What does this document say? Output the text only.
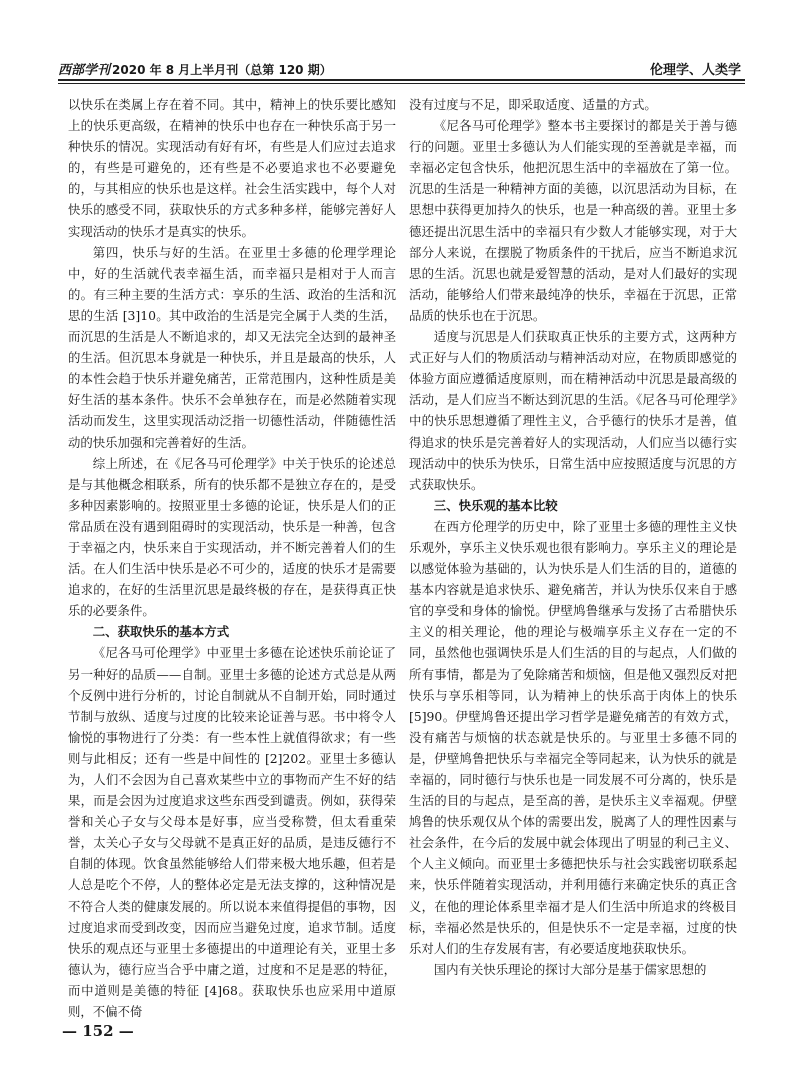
西部学刊 2020 年 8 月上半月刊（总第 120 期）	伦理学、人类学

以快乐在类属上存在着不同。其中，精神上的快乐要比感知上的快乐更高级，在精神的快乐中也存在一种快乐高于另一种快乐的情况。实现活动有好有坏，有些是人们应过去追求的，有些是可避免的，还有些是不必要追求也不必要避免的，与其相应的快乐也是这样。社会生活实践中，每个人对快乐的感受不同，获取快乐的方式多种多样，能够完善好人实现活动的快乐才是真实的快乐。

第四，快乐与好的生活。在亚里士多德的伦理学理论中，好的生活就代表幸福生活，而幸福只是相对于人而言的。有三种主要的生活方式：享乐的生活、政治的生活和沉思的生活 [3]10。其中政治的生活是完全属于人类的生活，而沉思的生活是人不断追求的，却又无法完全达到的最神圣的生活。但沉思本身就是一种快乐，并且是最高的快乐，人的本性会趋于快乐并避免痛苦，正常范围内，这种性质是美好生活的基本条件。快乐不会单独存在，而是必然随着实现活动而发生，这里实现活动泛指一切德性活动，伴随德性活动的快乐加强和完善着好的生活。

综上所述，在《尼各马可伦理学》中关于快乐的论述总是与其他概念相联系，所有的快乐都不是独立存在的，是受多种因素影响的。按照亚里士多德的论证，快乐是人们的正常品质在没有遇到阻碍时的实现活动，快乐是一种善，包含于幸福之内，快乐来自于实现活动，并不断完善着人们的生活。在人们生活中快乐是必不可少的，适度的快乐才是需要追求的，在好的生活里沉思是最终极的存在，是获得真正快乐的必要条件。

二、获取快乐的基本方式

《尼各马可伦理学》中亚里士多德在论述快乐前论证了另一种好的品质——自制。亚里士多德的论述方式总是从两个反例中进行分析的，讨论自制就从不自制开始，同时通过节制与放纵、适度与过度的比较来论证善与恶。书中将令人愉悦的事物进行了分类：有一些本性上就值得欲求；有一些则与此相反；还有一些是中间性的 [2]202。亚里士多德认为，人们不会因为自己喜欢某些中立的事物而产生不好的结果，而是会因为过度追求这些东西受到谴责。例如，获得荣誉和关心子女与父母本是好事，应当受称赞，但太看重荣誉，太关心子女与父母就不是真正好的品质，是违反德行不自制的体现。饮食虽然能够给人们带来极大地乐趣，但若是人总是吃个不停，人的整体必定是无法支撑的，这种情况是不符合人类的健康发展的。所以说本来值得提倡的事物，因过度追求而受到改变，因而应当避免过度，追求节制。适度快乐的观点还与亚里士多德提出的中道理论有关，亚里士多德认为，德行应当合乎中庸之道，过度和不足是恶的特征，而中道则是美德的特征 [4]68。获取快乐也应采用中道原则，不偏不倚

没有过度与不足，即采取适度、适量的方式。

《尼各马可伦理学》整本书主要探讨的都是关于善与德行的问题。亚里士多德认为人们能实现的至善就是幸福，而幸福必定包含快乐，他把沉思生活中的幸福放在了第一位。沉思的生活是一种精神方面的美德，以沉思活动为目标，在思想中获得更加持久的快乐，也是一种高级的善。亚里士多德还提出沉思生活中的幸福只有少数人才能够实现，对于大部分人来说，在摆脱了物质条件的干扰后，应当不断追求沉思的生活。沉思也就是爱智慧的活动，是对人们最好的实现活动，能够给人们带来最纯净的快乐，幸福在于沉思，正常品质的快乐也在于沉思。

适度与沉思是人们获取真正快乐的主要方式，这两种方式正好与人们的物质活动与精神活动对应，在物质即感觉的体验方面应遵循适度原则，而在精神活动中沉思是最高级的活动，是人们应当不断达到沉思的生活。《尼各马可伦理学》中的快乐思想遵循了理性主义，合乎德行的快乐才是善，值得追求的快乐是完善着好人的实现活动，人们应当以德行实现活动中的快乐为快乐，日常生活中应按照适度与沉思的方式获取快乐。

三、快乐观的基本比较

在西方伦理学的历史中，除了亚里士多德的理性主义快乐观外，享乐主义快乐观也很有影响力。享乐主义的理论是以感觉体验为基础的，认为快乐是人们生活的目的，道德的基本内容就是追求快乐、避免痛苦，并认为快乐仅来自于感官的享受和身体的愉悦。伊壁鸠鲁继承与发扬了古希腊快乐主义的相关理论，他的理论与极端享乐主义存在一定的不同，虽然他也强调快乐是人们生活的目的与起点，人们做的所有事情，都是为了免除痛苦和烦恼，但是他又强烈反对把快乐与享乐相等同，认为精神上的快乐高于肉体上的快乐 [5]90。伊壁鸠鲁还提出学习哲学是避免痛苦的有效方式，没有痛苦与烦恼的状态就是快乐的。与亚里士多德不同的是，伊壁鸠鲁把快乐与幸福完全等同起来，认为快乐的就是幸福的，同时德行与快乐也是一同发展不可分离的，快乐是生活的目的与起点，是至高的善，是快乐主义幸福观。伊壁鸠鲁的快乐观仅从个体的需要出发，脱离了人的理性因素与社会条件，在今后的发展中就会体现出了明显的利己主义、个人主义倾向。而亚里士多德把快乐与社会实践密切联系起来，快乐伴随着实现活动，并利用德行来确定快乐的真正含义，在他的理论体系里幸福才是人们生活中所追求的终极目标，幸福必然是快乐的，但是快乐不一定是幸福，过度的快乐对人们的生存发展有害，有必要适度地获取快乐。

国内有关快乐理论的探讨大部分是基于儒家思想的

— 152 —
